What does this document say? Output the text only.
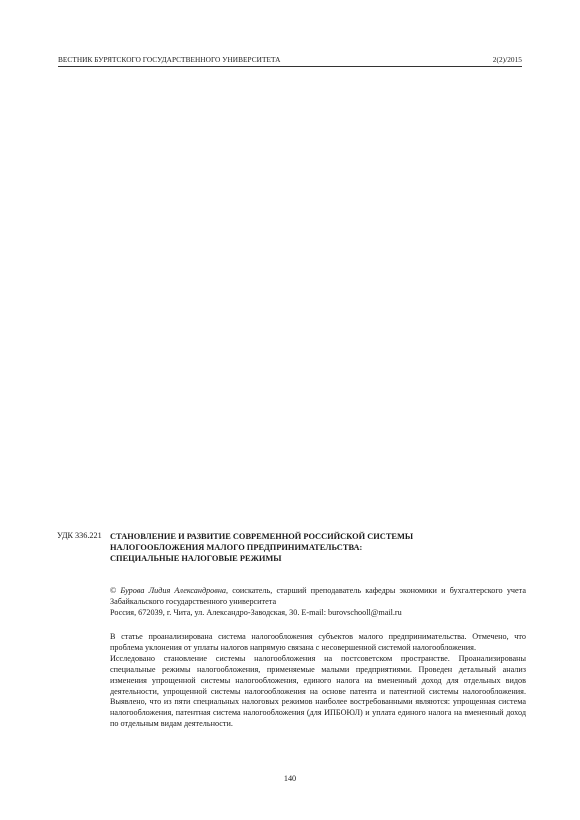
ВЕСТНИК БУРЯТСКОГО ГОСУДАРСТВЕННОГО УНИВЕРСИТЕТА	2(2)/2015
УДК 336.221 СТАНОВЛЕНИЕ И РАЗВИТИЕ СОВРЕМЕННОЙ РОССИЙСКОЙ СИСТЕМЫ
НАЛОГООБЛОЖЕНИЯ МАЛОГО ПРЕДПРИНИМАТЕЛЬСТВА:
СПЕЦИАЛЬНЫЕ НАЛОГОВЫЕ РЕЖИМЫ
© Бурова Лидия Александровна, соискатель, старший преподаватель кафедры экономики и бухгалтерского учета Забайкальского государственного университета
Россия, 672039, г. Чита, ул. Александро-Заводская, 30. E-mail: burovschooll@mail.ru

В статье проанализирована система налогообложения субъектов малого предпринимательства. Отмечено, что проблема уклонения от уплаты налогов напрямую связана с несовершенной системой налогообложения.

Исследовано становление системы налогообложения на постсоветском пространстве. Проанализированы специальные режимы налогообложения, применяемые малыми предприятиями. Проведен детальный анализ изменения упрощенной системы налогообложения, единого налога на вмененный доход для отдельных видов деятельности, упрощенной системы налогообложения на основе патента и патентной системы налогообложения. Выявлено, что из пяти специальных налоговых режимов наиболее востребованными являются: упрощенная система налогообложения, патентная система налогообложения (для ИПБОЮЛ) и уплата единого налога на вмененный доход по отдельным видам деятельности.

140
